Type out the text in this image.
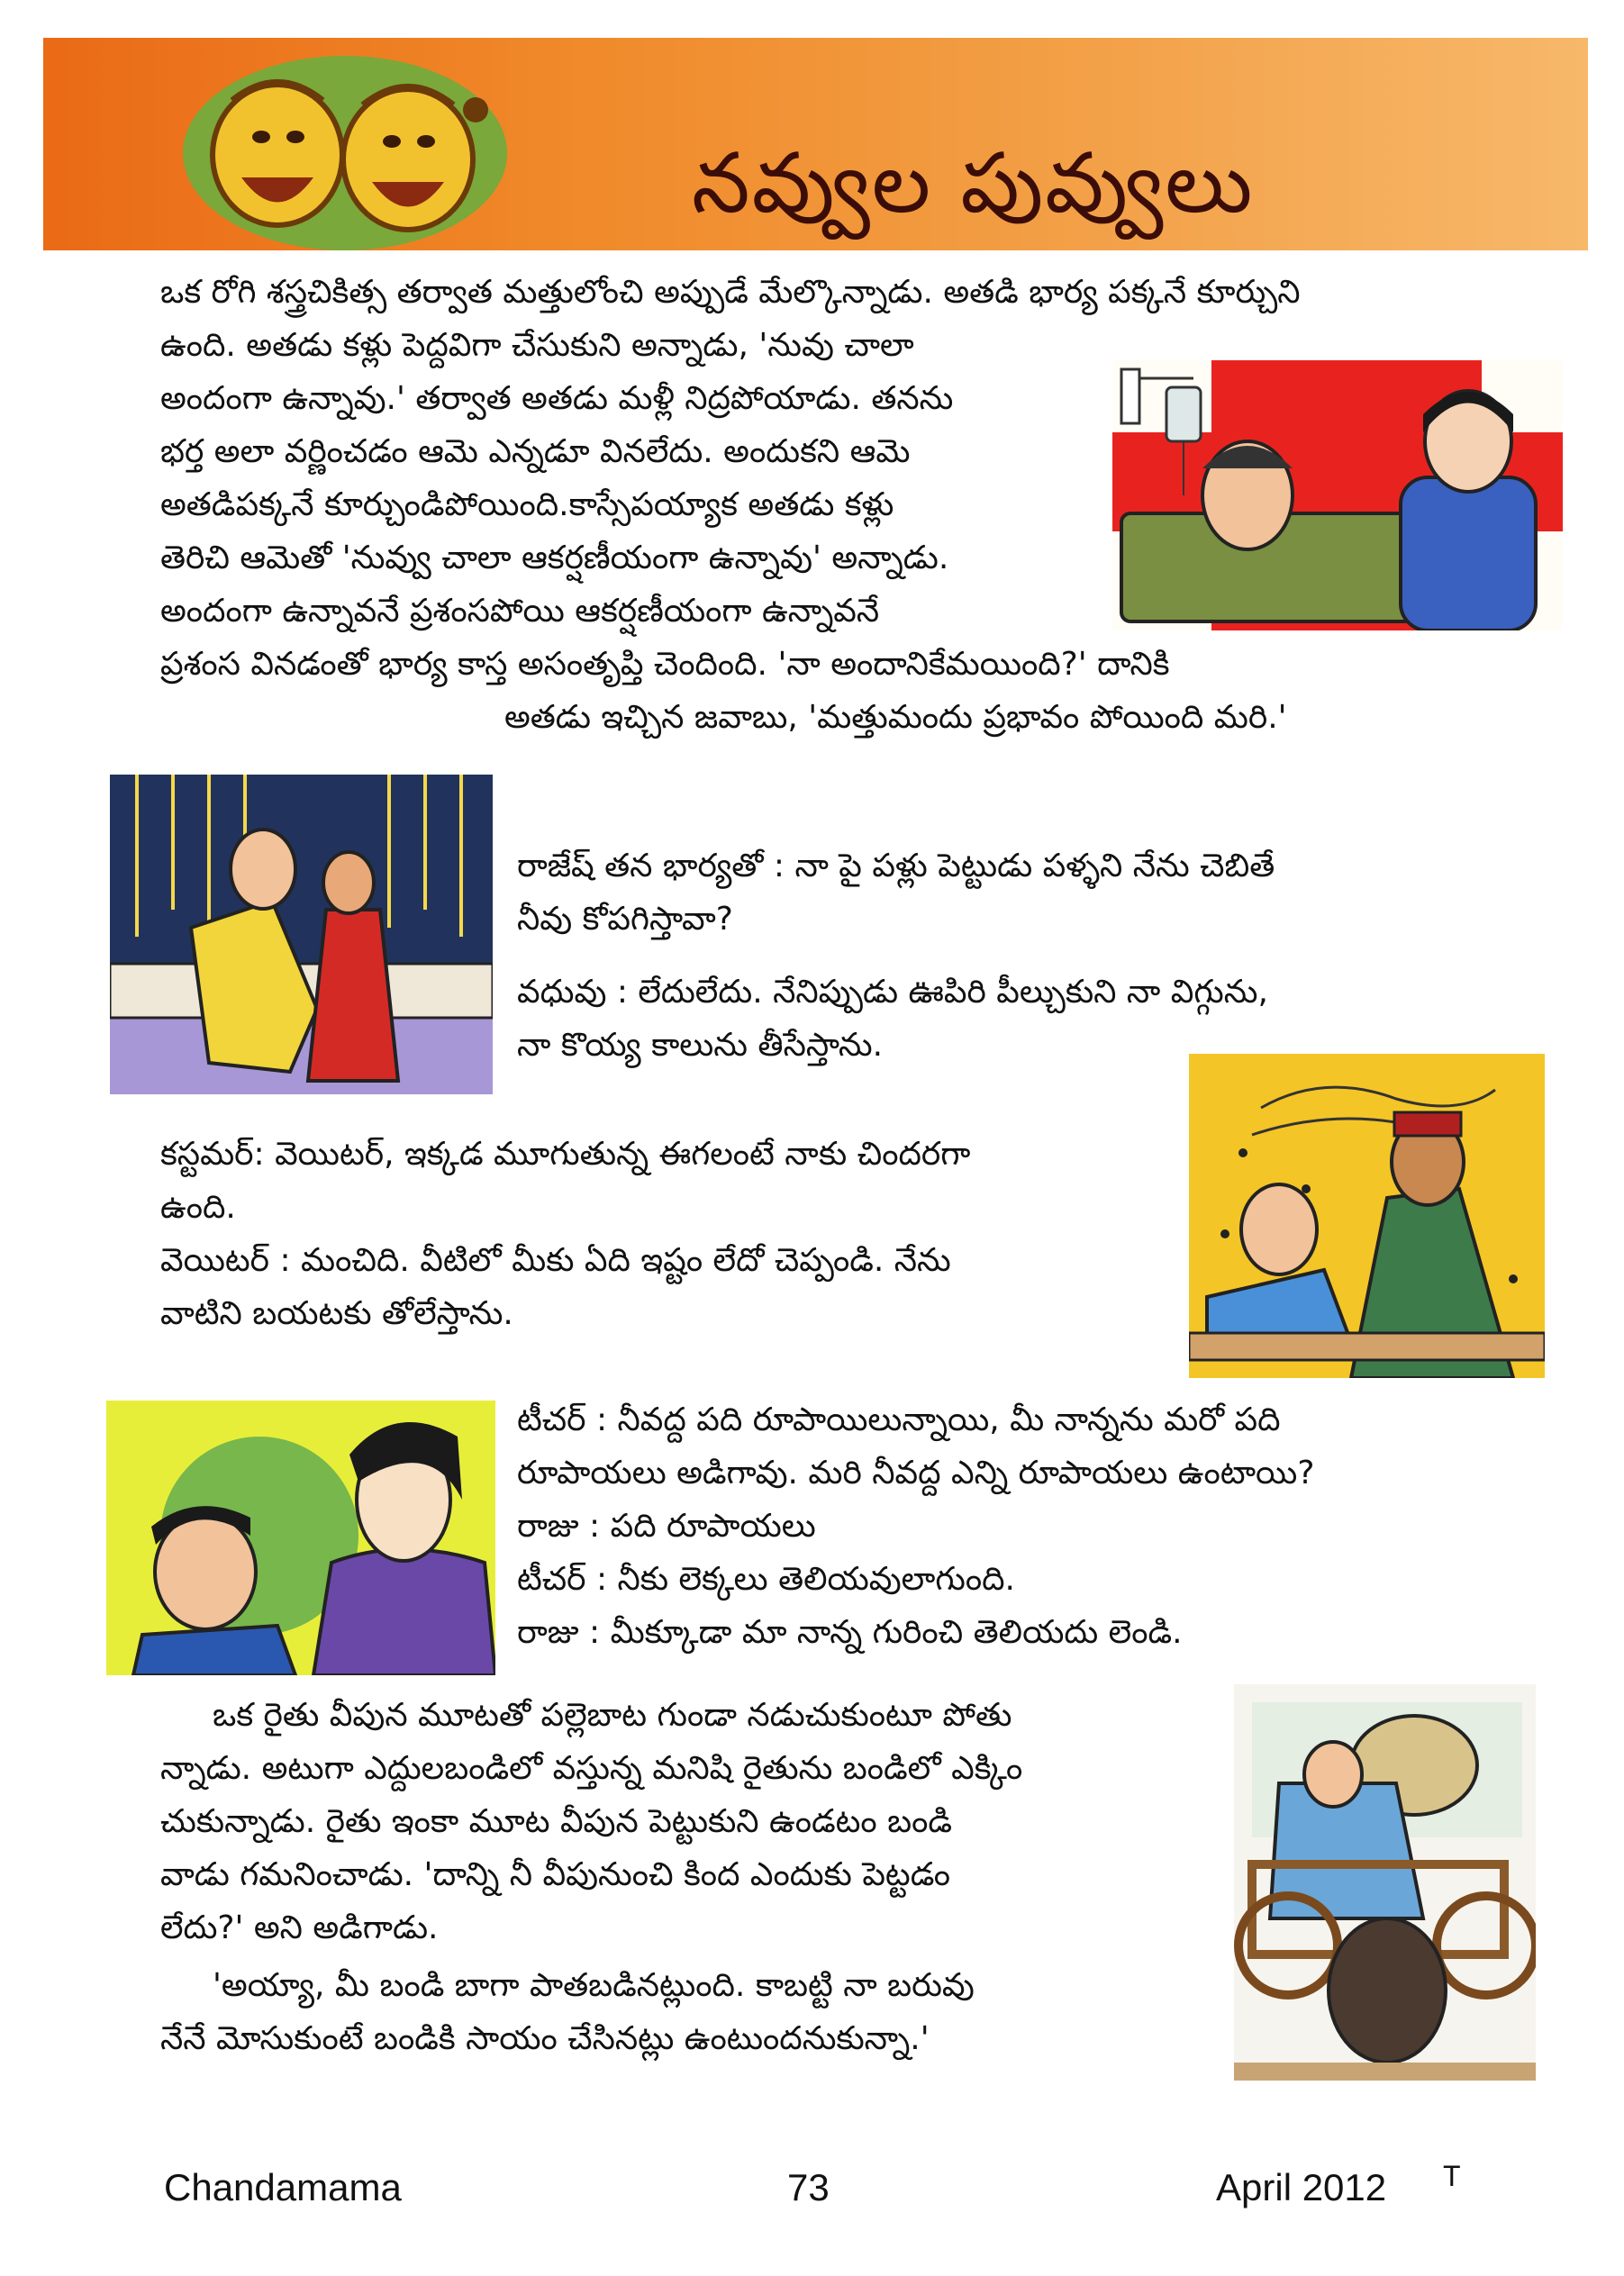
నవ్వుల పువ్వులు
ఒక రోగి శస్త్రచికిత్స తర్వాత మత్తులోంచి అప్పుడే మేల్కొన్నాడు. అతడి భార్య పక్కనే కూర్చుని
ఉంది. అతడు కళ్లు పెద్దవిగా చేసుకుని అన్నాడు, 'నువు చాలా
అందంగా ఉన్నావు.' తర్వాత అతడు మళ్లీ నిద్రపోయాడు. తనను
భర్త అలా వర్ణించడం ఆమె ఎన్నడూ వినలేదు. అందుకని ఆమె
అతడిపక్కనే కూర్చుండిపోయింది.కాస్సేపయ్యాక అతడు కళ్లు
తెరిచి ఆమెతో 'నువ్వు చాలా ఆకర్షణీయంగా ఉన్నావు' అన్నాడు.
అందంగా ఉన్నావనే ప్రశంసపోయి ఆకర్షణీయంగా ఉన్నావనే
ప్రశంస వినడంతో భార్య కాస్త అసంతృప్తి చెందింది. 'నా అందానికేమయింది?' దానికి
అతడు ఇచ్చిన జవాబు, 'మత్తుమందు ప్రభావం పోయింది మరి.'
రాజేష్ తన భార్యతో : నా పై పళ్లు పెట్టుడు పళ్ళని నేను చెబితే
నీవు కోపగిస్తావా?
వధువు : లేదులేదు. నేనిప్పుడు ఊపిరి పీల్చుకుని నా విగ్గును,
నా కొయ్య కాలును తీసేస్తాను.
కస్టమర్: వెయిటర్, ఇక్కడ మూగుతున్న ఈగలంటే నాకు చిందరగా
ఉంది.
వెయిటర్ : మంచిది. వీటిలో మీకు ఏది ఇష్టం లేదో చెప్పండి. నేను
వాటిని బయటకు తోలేస్తాను.
టీచర్ : నీవద్ద పది రూపాయిలున్నాయి, మీ నాన్నను మరో పది
రూపాయలు అడిగావు. మరి నీవద్ద ఎన్ని రూపాయలు ఉంటాయి?
రాజు : పది రూపాయలు
టీచర్ : నీకు లెక్కలు తెలియవులాగుంది.
రాజు : మీక్కూడా మా నాన్న గురించి తెలియదు లెండి.
ఒక రైతు వీపున మూటతో పల్లెబాట గుండా నడుచుకుంటూ పోతు
న్నాడు. అటుగా ఎద్దులబండిలో వస్తున్న మనిషి రైతును బండిలో ఎక్కిం
చుకున్నాడు. రైతు ఇంకా మూట వీపున పెట్టుకుని ఉండటం బండి
వాడు గమనించాడు. 'దాన్ని నీ వీపునుంచి కింద ఎందుకు పెట్టడం
లేదు?' అని అడిగాడు.
'అయ్యా, మీ బండి బాగా పాతబడినట్లుంది. కాబట్టి నా బరువు
నేనే మోసుకుంటే బండికి సాయం చేసినట్లు ఉంటుందనుకున్నా.'
Chandamama	73	April 2012 T
